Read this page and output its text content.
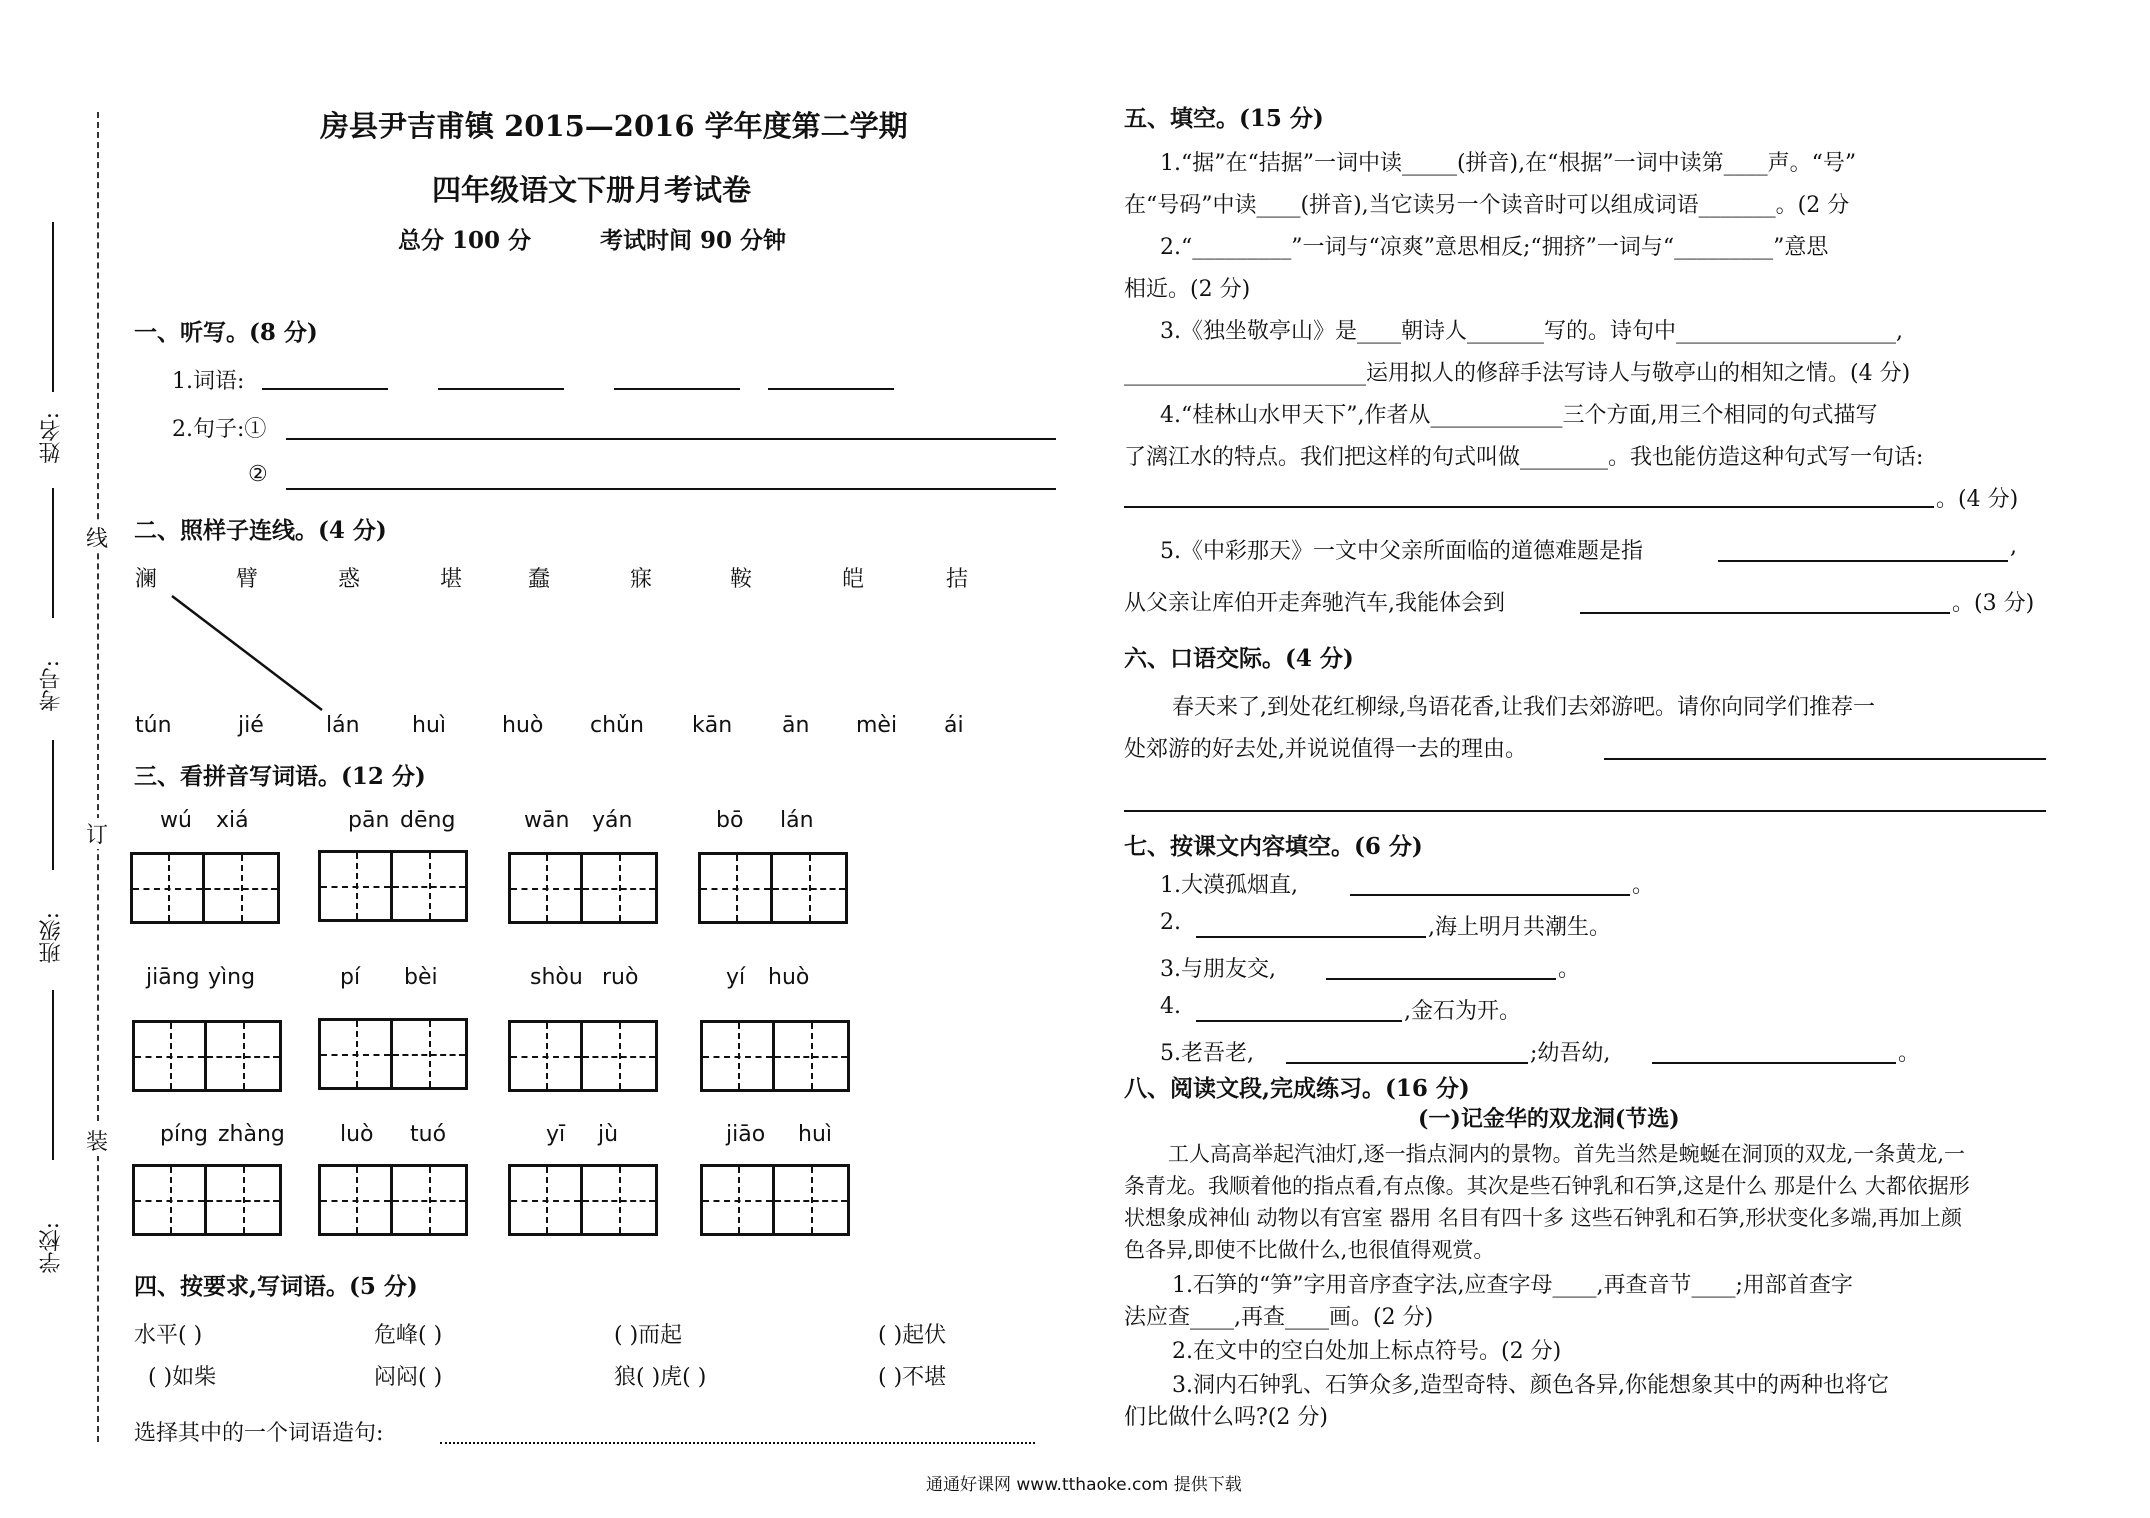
线
订
装
姓名:
考号:
班级:
学校:
房县尹吉甫镇 2015—2016 学年度第二学期
四年级语文下册月考试卷
总分 100 分	考试时间 90 分钟
一、听写。(8 分)
1.词语:
2.句子:①
②
二、照样子连线。(4 分)
澜	臂	惑	堪	蠢	寐	鞍	皑	拮
tún	jié	lán huì	huò chǔn kān ān mèi ái
三、看拼音写词语。(12 分)
wú xiá	pān dēng	wān yán	bō lán
jiāng yìng	pí bèi	shòu ruò	yí huò
píng zhàng	luò tuó	yī jù	jiāo huì
四、按要求,写词语。(5 分)
水平( )	危峰( )	( )而起	( )起伏
( )如柴	闷闷( )	狼( )虎( )	( )不堪
选择其中的一个词语造句:
五、填空。(15 分)
1.“据”在“拮据”一词中读_____(拼音),在“根据”一词中读第____声。“号”
在“号码”中读____(拼音),当它读另一个读音时可以组成词语_______。(2 分
2.“_________”一词与“凉爽”意思相反;“拥挤”一词与“_________”意思
相近。(2 分)
3.《独坐敬亭山》是____朝诗人_______写的。诗句中____________________,
______________________运用拟人的修辞手法写诗人与敬亭山的相知之情。(4 分)
4.“桂林山水甲天下”,作者从____________三个方面,用三个相同的句式描写
了漓江水的特点。我们把这样的句式叫做________。我也能仿造这种句式写一句话:
。(4 分)
5.《中彩那天》一文中父亲所面临的道德难题是指	,
从父亲让库伯开走奔驰汽车,我能体会到	。(3 分)
六、口语交际。(4 分)
春天来了,到处花红柳绿,鸟语花香,让我们去郊游吧。请你向同学们推荐一
处郊游的好去处,并说说值得一去的理由。
七、按课文内容填空。(6 分)
1.大漠孤烟直,	。
2.	,海上明月共潮生。
3.与朋友交,	。
4.	,金石为开。
5.老吾老,	;幼吾幼,	。
八、阅读文段,完成练习。(16 分)
(一)记金华的双龙洞(节选)
工人高高举起汽油灯,逐一指点洞内的景物。首先当然是蜿蜒在洞顶的双龙,一条黄龙,一
条青龙。我顺着他的指点看,有点像。其次是些石钟乳和石笋,这是什么 那是什么 大都依据形
状想象成神仙 动物以有宫室 器用 名目有四十多 这些石钟乳和石笋,形状变化多端,再加上颜
色各异,即使不比做什么,也很值得观赏。
1.石笋的“笋”字用音序查字法,应查字母____,再查音节____;用部首查字
法应查____,再查____画。(2 分)
2.在文中的空白处加上标点符号。(2 分)
3.洞内石钟乳、石笋众多,造型奇特、颜色各异,你能想象其中的两种也将它
们比做什么吗?(2 分)
通通好课网 www.tthaoke.com 提供下载
